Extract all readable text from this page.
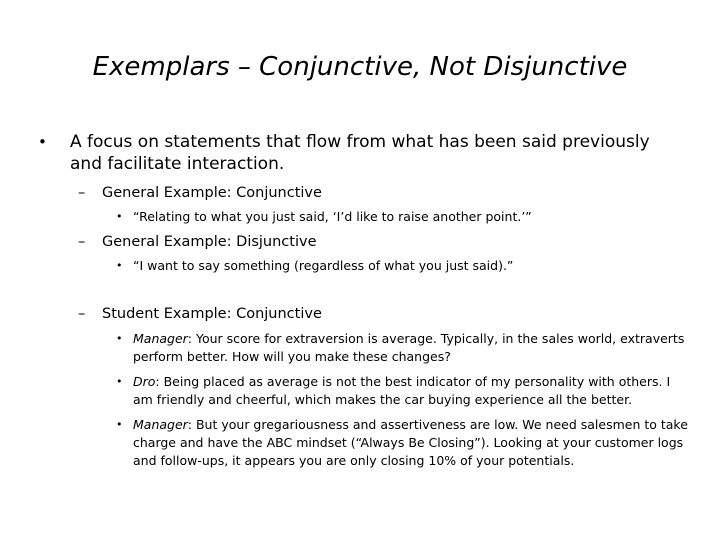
Exemplars – Conjunctive, Not Disjunctive
•	A focus on statements that flow from what has been said previously and facilitate interaction.
–	General Example: Conjunctive
• “Relating to what you just said, ‘I’d like to raise another point.’”
–	General Example: Disjunctive
• “I want to say something (regardless of what you just said).”
–	Student Example: Conjunctive
• Manager: Your score for extraversion is average. Typically, in the sales world, extraverts perform better. How will you make these changes?
• Dro: Being placed as average is not the best indicator of my personality with others. I am friendly and cheerful, which makes the car buying experience all the better.
• Manager: But your gregariousness and assertiveness are low. We need salesmen to take charge and have the ABC mindset (“Always Be Closing”). Looking at your customer logs and follow-ups, it appears you are only closing 10% of your potentials.
